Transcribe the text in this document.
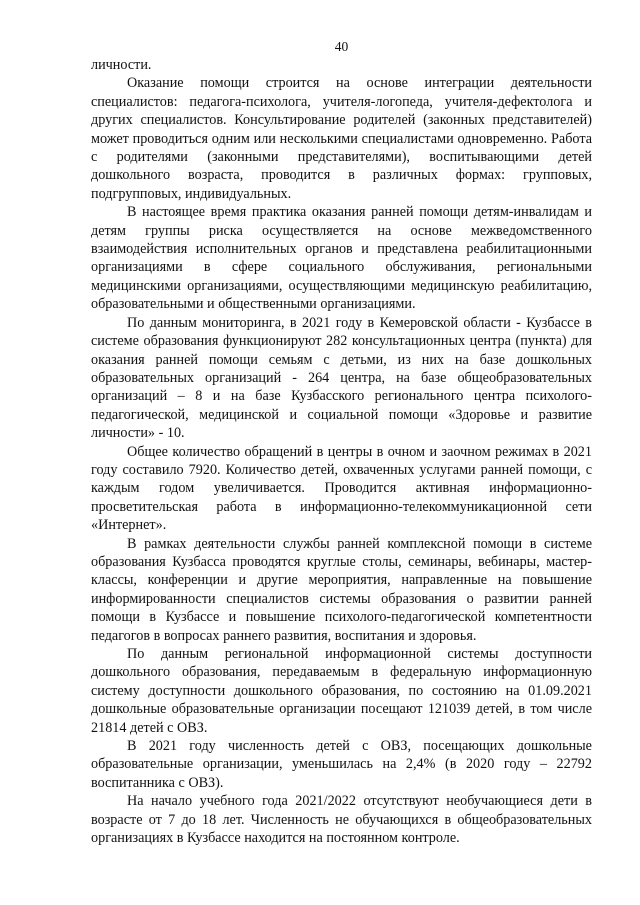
40

личности.

Оказание помощи строится на основе интеграции деятельности специалистов: педагога-психолога, учителя-логопеда, учителя-дефектолога и других специалистов. Консультирование родителей (законных представителей) может проводиться одним или несколькими специалистами одновременно. Работа с родителями (законными представителями), воспитывающими детей дошкольного возраста, проводится в различных формах: групповых, подгрупповых, индивидуальных.

В настоящее время практика оказания ранней помощи детям-инвалидам и детям группы риска осуществляется на основе межведомственного взаимодействия исполнительных органов и представлена реабилитационными организациями в сфере социального обслуживания, региональными медицинскими организациями, осуществляющими медицинскую реабилитацию, образовательными и общественными организациями.

По данным мониторинга, в 2021 году в Кемеровской области - Кузбассе в системе образования функционируют 282 консультационных центра (пункта) для оказания ранней помощи семьям с детьми, из них на базе дошкольных образовательных организаций - 264 центра, на базе общеобразовательных организаций – 8 и на базе Кузбасского регионального центра психолого-педагогической, медицинской и социальной помощи «Здоровье и развитие личности» - 10.

Общее количество обращений в центры в очном и заочном режимах в 2021 году составило 7920. Количество детей, охваченных услугами ранней помощи, с каждым годом увеличивается. Проводится активная информационно-просветительская работа в информационно-телекоммуникационной сети «Интернет».

В рамках деятельности службы ранней комплексной помощи в системе образования Кузбасса проводятся круглые столы, семинары, вебинары, мастер-классы, конференции и другие мероприятия, направленные на повышение информированности специалистов системы образования о развитии ранней помощи в Кузбассе и повышение психолого-педагогической компетентности педагогов в вопросах раннего развития, воспитания и здоровья.

По данным региональной информационной системы доступности дошкольного образования, передаваемым в федеральную информационную систему доступности дошкольного образования, по состоянию на 01.09.2021 дошкольные образовательные организации посещают 121039 детей, в том числе 21814 детей с ОВЗ.

В 2021 году численность детей с ОВЗ, посещающих дошкольные образовательные организации, уменьшилась на 2,4% (в 2020 году – 22792 воспитанника с ОВЗ).

На начало учебного года 2021/2022 отсутствуют необучающиеся дети в возрасте от 7 до 18 лет. Численность не обучающихся в общеобразовательных организациях в Кузбассе находится на постоянном контроле.
